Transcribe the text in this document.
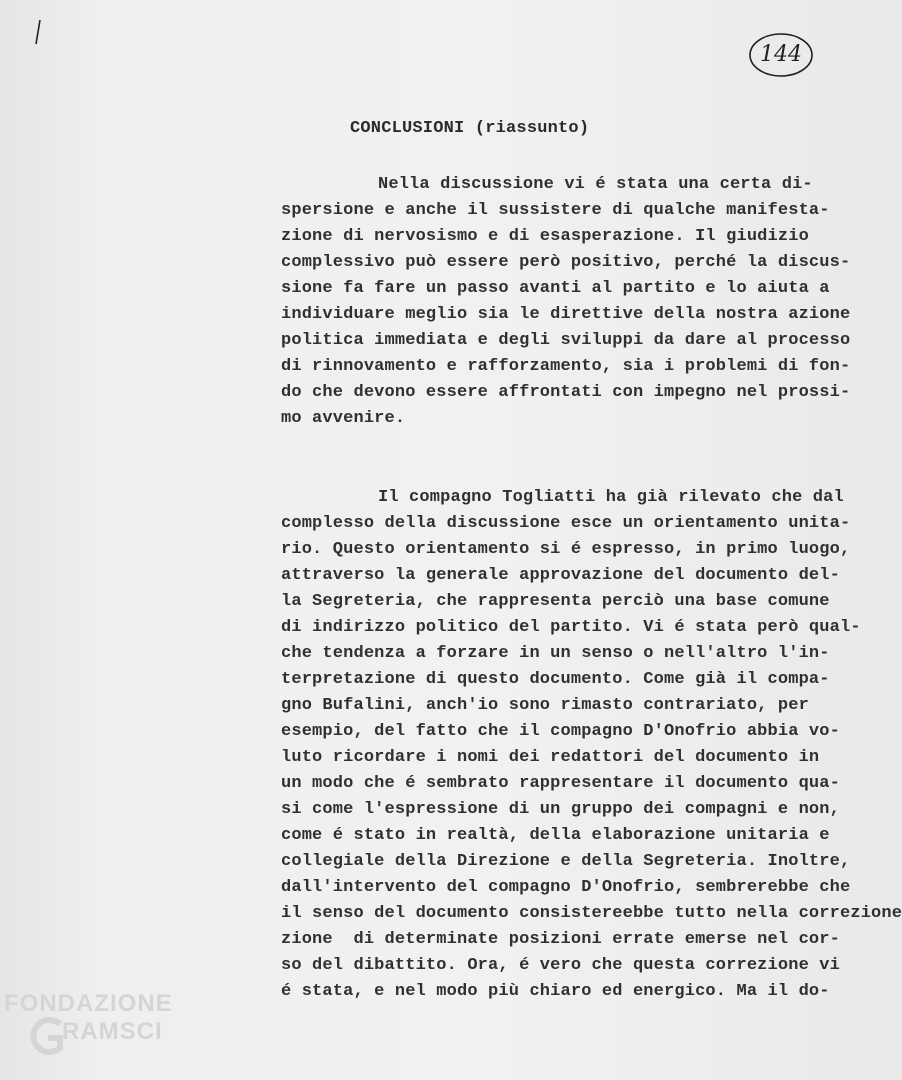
144
CONCLUSIONI (riassunto)
Nella discussione vi é stata una certa di-
spersione e anche il sussistere di qualche manifesta-
zione di nervosismo e di esasperazione. Il giudizio
complessivo può essere però positivo, perché la discus-
sione fa fare un passo avanti al partito e lo aiuta a
individuare meglio sia le direttive della nostra azione
politica immediata e degli sviluppi da dare al processo
di rinnovamento e rafforzamento, sia i problemi di fon-
do che devono essere affrontati con impegno nel prossi-
mo avvenire.
Il compagno Togliatti ha già rilevato che dal
complesso della discussione esce un orientamento unita-
rio. Questo orientamento si é espresso, in primo luogo,
attraverso la generale approvazione del documento del-
la Segreteria, che rappresenta perciò una base comune
di indirizzo politico del partito. Vi é stata però qual-
che tendenza a forzare in un senso o nell'altro l'in-
terpretazione di questo documento. Come già il compa-
gno Bufalini, anch'io sono rimasto contrariato, per
esempio, del fatto che il compagno D'Onofrio abbia vo-
luto ricordare i nomi dei redattori del documento in
un modo che é sembrato rappresentare il documento qua-
si come l'espressione di un gruppo dei compagni e non,
come é stato in realtà, della elaborazione unitaria e
collegiale della Direzione e della Segreteria. Inoltre,
dall'intervento del compagno D'Onofrio, sembrerebbe che
il senso del documento consistereebbe tutto nella correzione
zione  di determinate posizioni errate emerse nel cor-
so del dibattito. Ora, é vero che questa correzione vi
é stata, e nel modo più chiaro ed energico. Ma il do-
FONDAZIONE
RAMSCI
